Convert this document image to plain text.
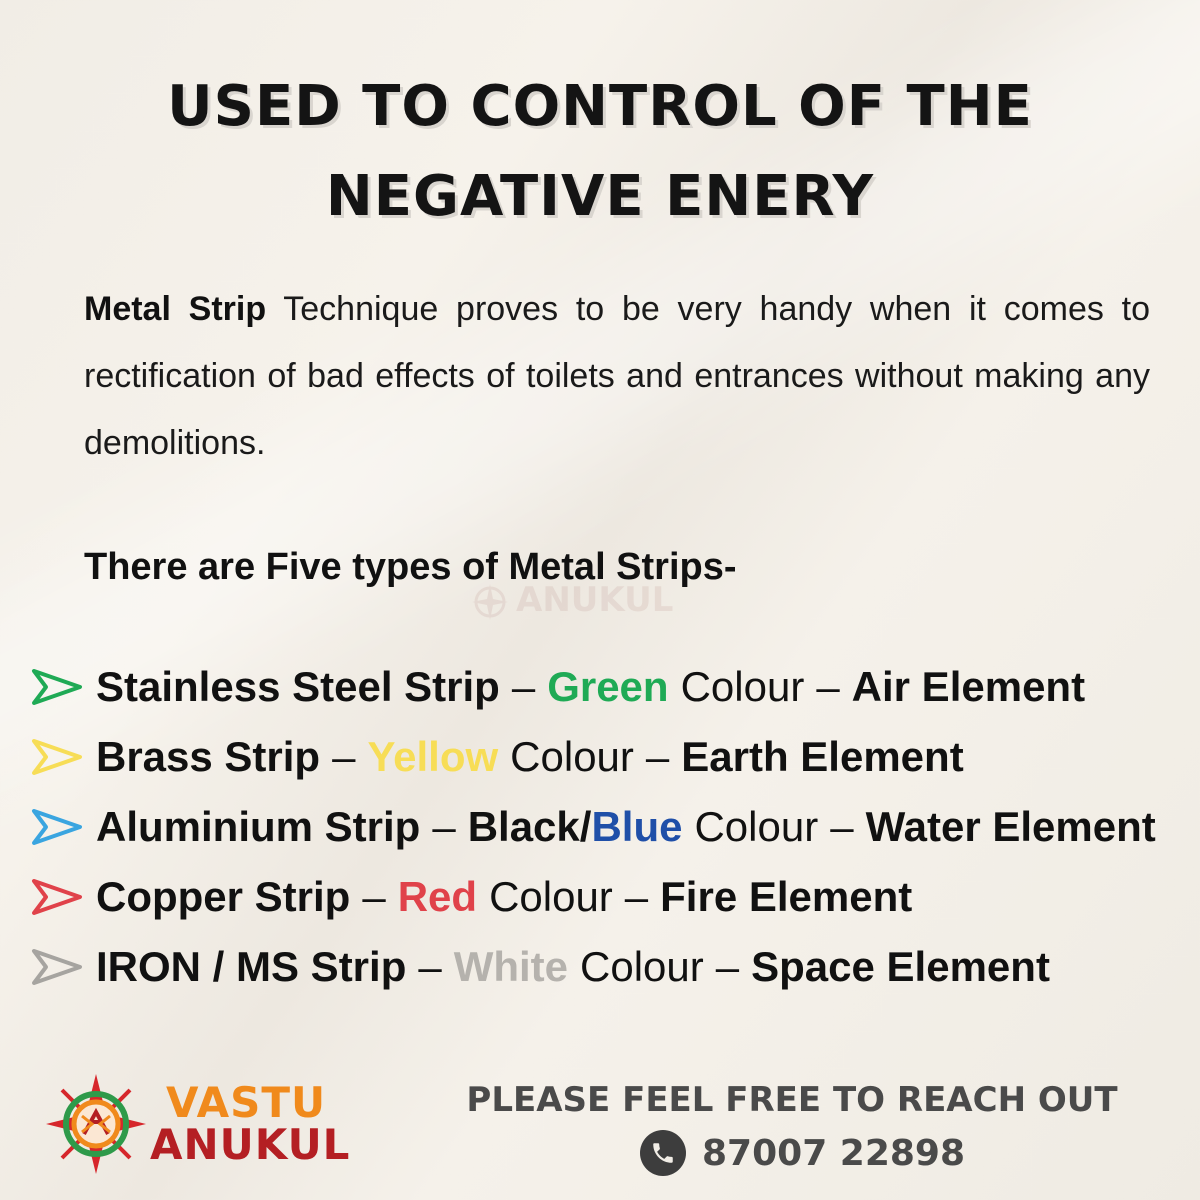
USED TO CONTROL OF THE
NEGATIVE ENERY

Metal Strip Technique proves to be very handy when it comes to rectification of bad effects of toilets and entrances without making any demolitions.

There are Five types of Metal Strips-
ANUKUL
Stainless Steel Strip – Green Colour – Air Element
Brass Strip – Yellow Colour – Earth Element
Aluminium Strip – Black/ Blue Colour – Water Element
Copper Strip – Red Colour – Fire Element
IRON / MS Strip – White Colour – Space Element
VASTU
ANUKUL

PLEASE FEEL FREE TO REACH OUT

87007 22898
